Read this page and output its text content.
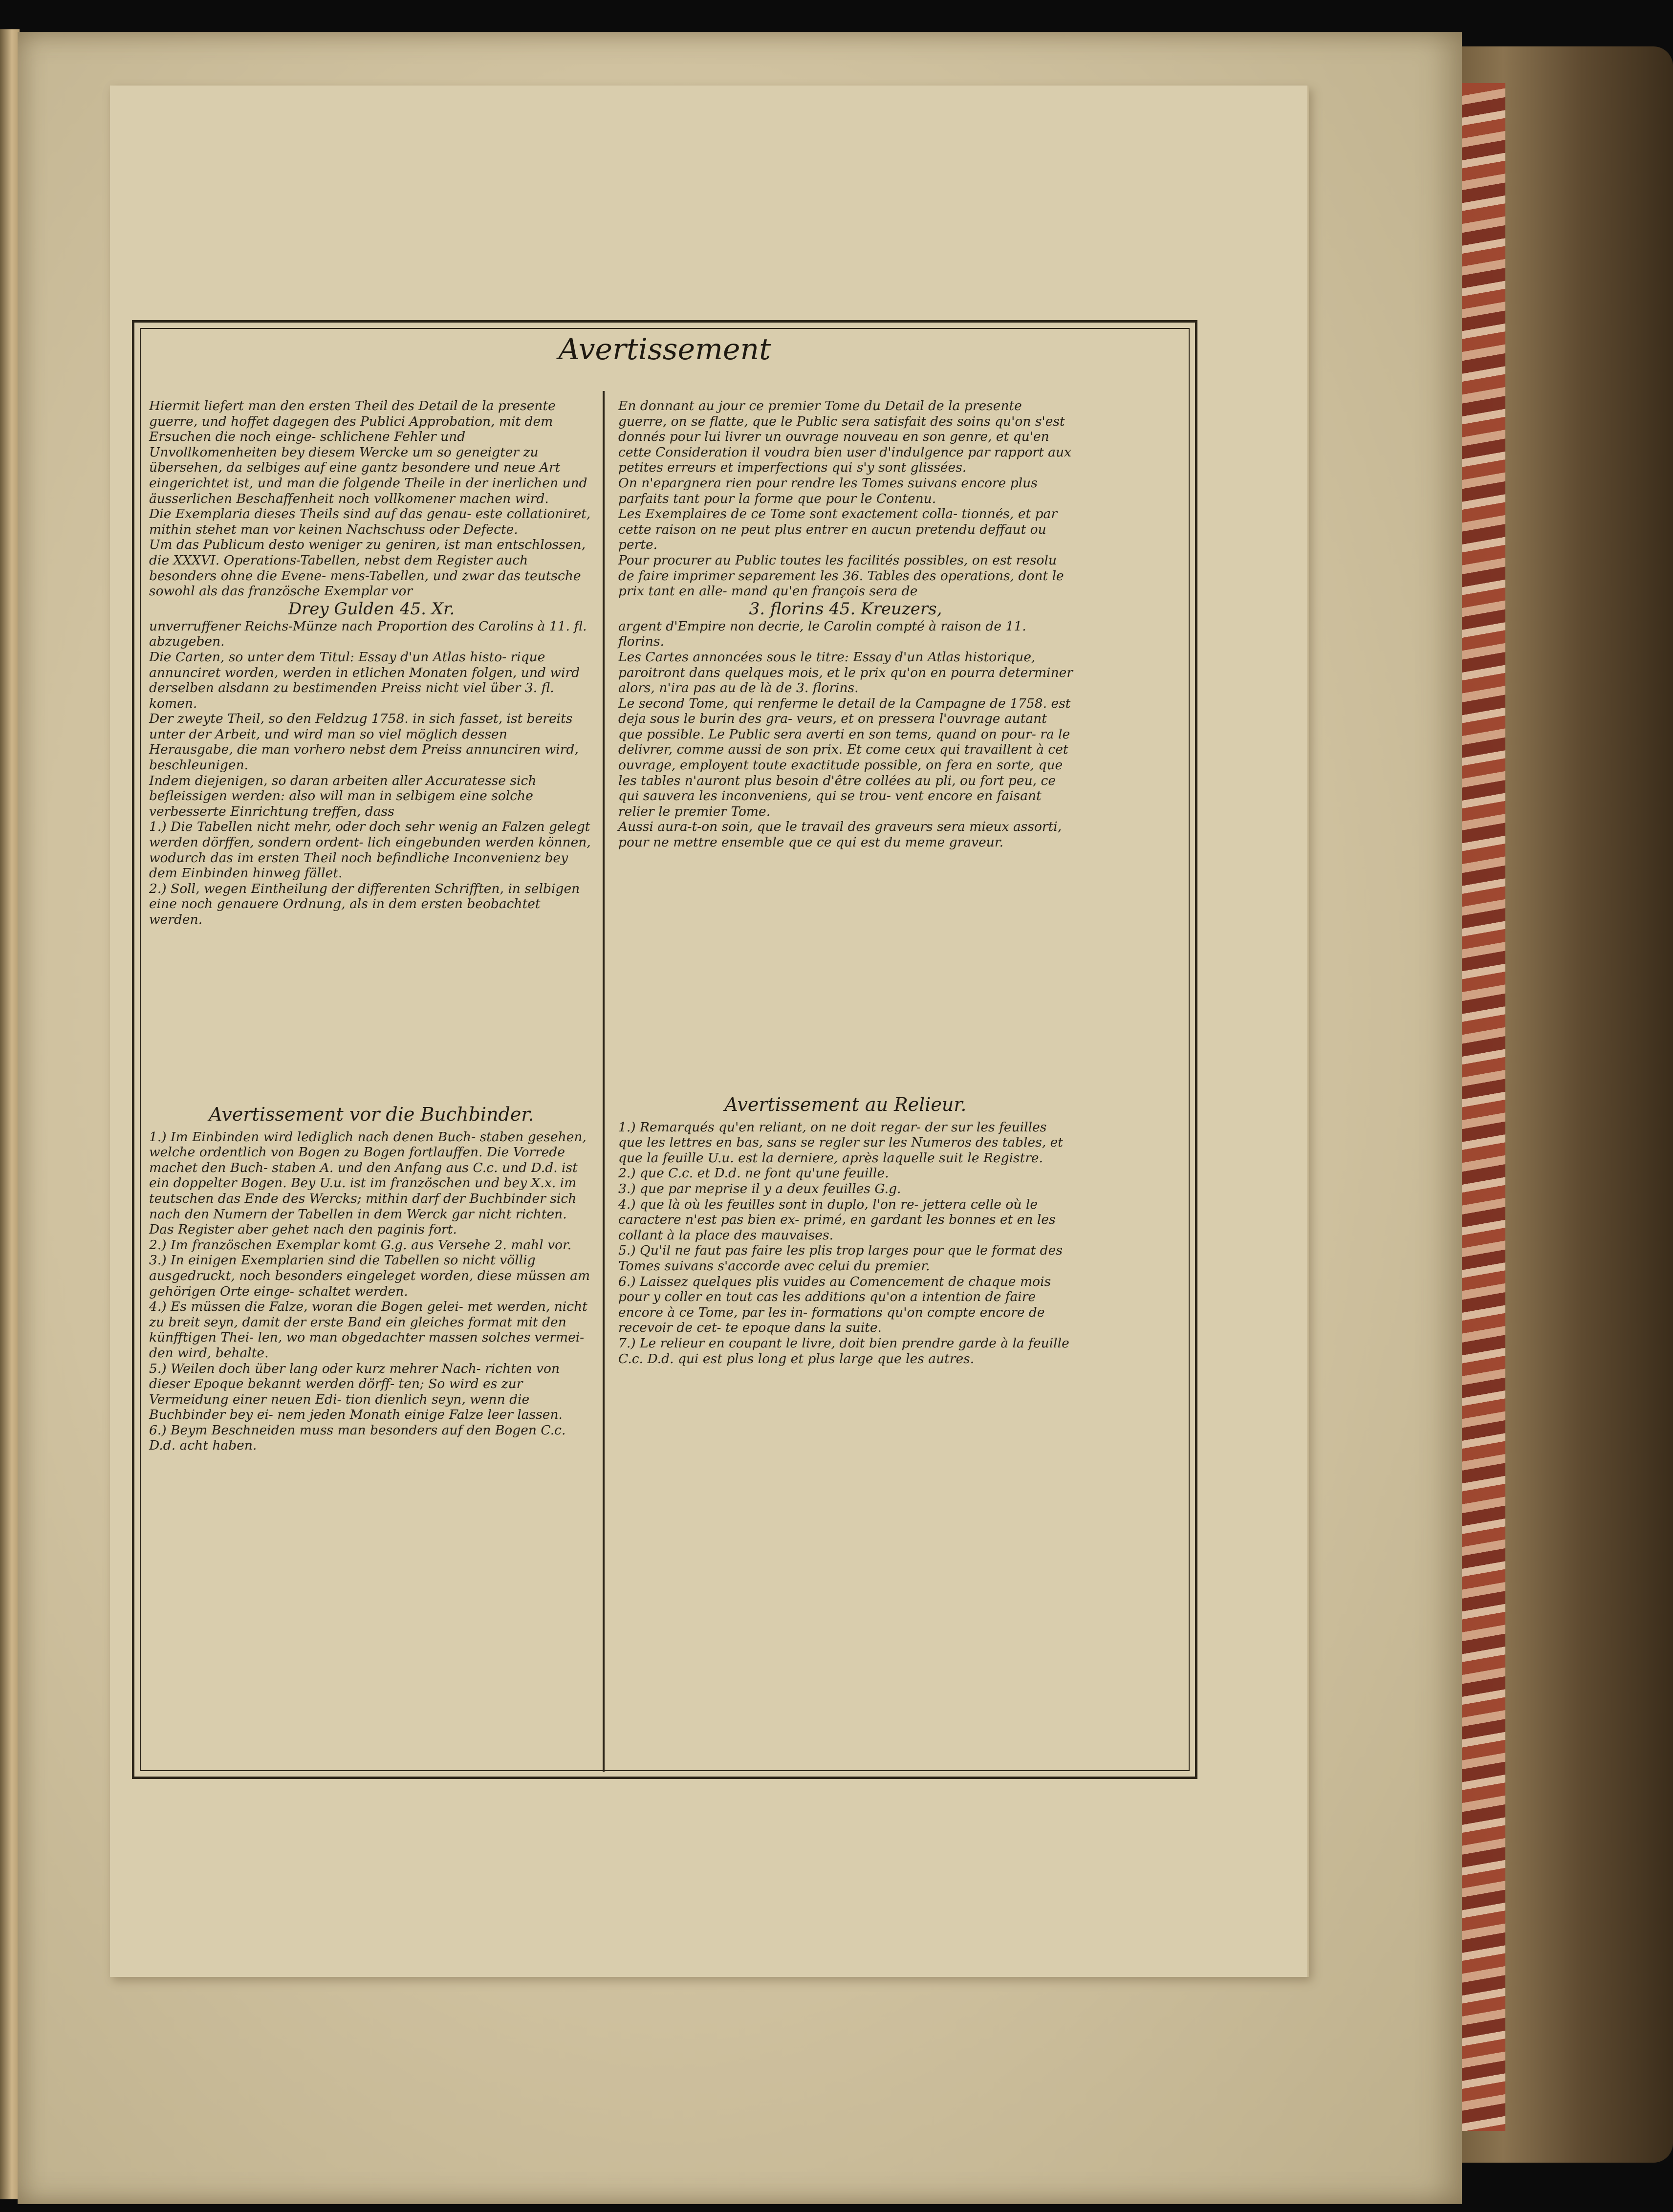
Avertissement

Hiermit liefert man den ersten Theil des Detail de la presente guerre, und hoffet dagegen des Publici Approbation, mit dem Ersuchen die noch einge- schlichene Fehler und Unvollkomenheiten bey diesem Wercke um so geneigter zu übersehen, da selbiges auf eine gantz besondere und neue Art eingerichtet ist, und man die folgende Theile in der inerlichen und äusserlichen Beschaffenheit noch vollkomener machen wird.

Die Exemplaria dieses Theils sind auf das genau- este collationiret, mithin stehet man vor keinen Nachschuss oder Defecte.

Um das Publicum desto weniger zu geniren, ist man entschlossen, die XXXVI. Operations-Tabellen, nebst dem Register auch besonders ohne die Evene- mens-Tabellen, und zwar das teutsche sowohl als das französche Exemplar vor

Drey Gulden 45. Xr.

unverruffener Reichs-Münze nach Proportion des Carolins à 11. fl. abzugeben.

Die Carten, so unter dem Titul: Essay d'un Atlas histo- rique annunciret worden, werden in etlichen Monaten folgen, und wird derselben alsdann zu bestimenden Preiss nicht viel über 3. fl. komen.

Der zweyte Theil, so den Feldzug 1758. in sich fasset, ist bereits unter der Arbeit, und wird man so viel möglich dessen Herausgabe, die man vorhero nebst dem Preiss annunciren wird, beschleunigen.

Indem diejenigen, so daran arbeiten aller Accuratesse sich befleissigen werden: also will man in selbigem eine solche verbesserte Einrichtung treffen, dass

1.) Die Tabellen nicht mehr, oder doch sehr wenig an Falzen gelegt werden dörffen, sondern ordent- lich eingebunden werden können, wodurch das im ersten Theil noch befindliche Inconvenienz bey dem Einbinden hinweg fället.

2.) Soll, wegen Eintheilung der differenten Schrifften, in selbigen eine noch genauere Ordnung, als in dem ersten beobachtet werden.

En donnant au jour ce premier Tome du Detail de la presente guerre, on se flatte, que le Public sera satisfait des soins qu'on s'est donnés pour lui livrer un ouvrage nouveau en son genre, et qu'en cette Consideration il voudra bien user d'indulgence par rapport aux petites erreurs et imperfections qui s'y sont glissées.

On n'epargnera rien pour rendre les Tomes suivans encore plus parfaits tant pour la forme que pour le Contenu.

Les Exemplaires de ce Tome sont exactement colla- tionnés, et par cette raison on ne peut plus entrer en aucun pretendu deffaut ou perte.

Pour procurer au Public toutes les facilités possibles, on est resolu de faire imprimer separement les 36. Tables des operations, dont le prix tant en alle- mand qu'en françois sera de

3. florins 45. Kreuzers,

argent d'Empire non decrie, le Carolin compté à raison de 11. florins.

Les Cartes annoncées sous le titre: Essay d'un Atlas historique, paroitront dans quelques mois, et le prix qu'on en pourra determiner alors, n'ira pas au de là de 3. florins.

Le second Tome, qui renferme le detail de la Campagne de 1758. est deja sous le burin des gra- veurs, et on pressera l'ouvrage autant que possible. Le Public sera averti en son tems, quand on pour- ra le delivrer, comme aussi de son prix. Et come ceux qui travaillent à cet ouvrage, employent toute exactitude possible, on fera en sorte, que les tables n'auront plus besoin d'être collées au pli, ou fort peu, ce qui sauvera les inconveniens, qui se trou- vent encore en faisant relier le premier Tome.

Aussi aura-t-on soin, que le travail des graveurs sera mieux assorti, pour ne mettre ensemble que ce qui est du meme graveur.

Avertissement vor die Buchbinder.

1.) Im Einbinden wird lediglich nach denen Buch- staben gesehen, welche ordentlich von Bogen zu Bogen fortlauffen. Die Vorrede machet den Buch- staben A. und den Anfang aus C.c. und D.d. ist ein doppelter Bogen. Bey U.u. ist im französchen und bey X.x. im teutschen das Ende des Wercks; mithin darf der Buchbinder sich nach den Numern der Tabellen in dem Werck gar nicht richten. Das Register aber gehet nach den paginis fort.

2.) Im französchen Exemplar komt G.g. aus Versehe 2. mahl vor.

3.) In einigen Exemplarien sind die Tabellen so nicht völlig ausgedruckt, noch besonders eingeleget worden, diese müssen am gehörigen Orte einge- schaltet werden.

4.) Es müssen die Falze, woran die Bogen gelei- met werden, nicht zu breit seyn, damit der erste Band ein gleiches format mit den künfftigen Thei- len, wo man obgedachter massen solches vermei- den wird, behalte.

5.) Weilen doch über lang oder kurz mehrer Nach- richten von dieser Epoque bekannt werden dörff- ten; So wird es zur Vermeidung einer neuen Edi- tion dienlich seyn, wenn die Buchbinder bey ei- nem jeden Monath einige Falze leer lassen.

6.) Beym Beschneiden muss man besonders auf den Bogen C.c. D.d. acht haben.

Avertissement au Relieur.

1.) Remarqués qu'en reliant, on ne doit regar- der sur les feuilles que les lettres en bas, sans se regler sur les Numeros des tables, et que la feuille U.u. est la derniere, après laquelle suit le Registre.

2.) que C.c. et D.d. ne font qu'une feuille.

3.) que par meprise il y a deux feuilles G.g.

4.) que là où les feuilles sont in duplo, l'on re- jettera celle où le caractere n'est pas bien ex- primé, en gardant les bonnes et en les collant à la place des mauvaises.

5.) Qu'il ne faut pas faire les plis trop larges pour que le format des Tomes suivans s'accorde avec celui du premier.

6.) Laissez quelques plis vuides au Comencement de chaque mois pour y coller en tout cas les additions qu'on a intention de faire encore à ce Tome, par les in- formations qu'on compte encore de recevoir de cet- te epoque dans la suite.

7.) Le relieur en coupant le livre, doit bien prendre garde à la feuille C.c. D.d. qui est plus long et plus large que les autres.
